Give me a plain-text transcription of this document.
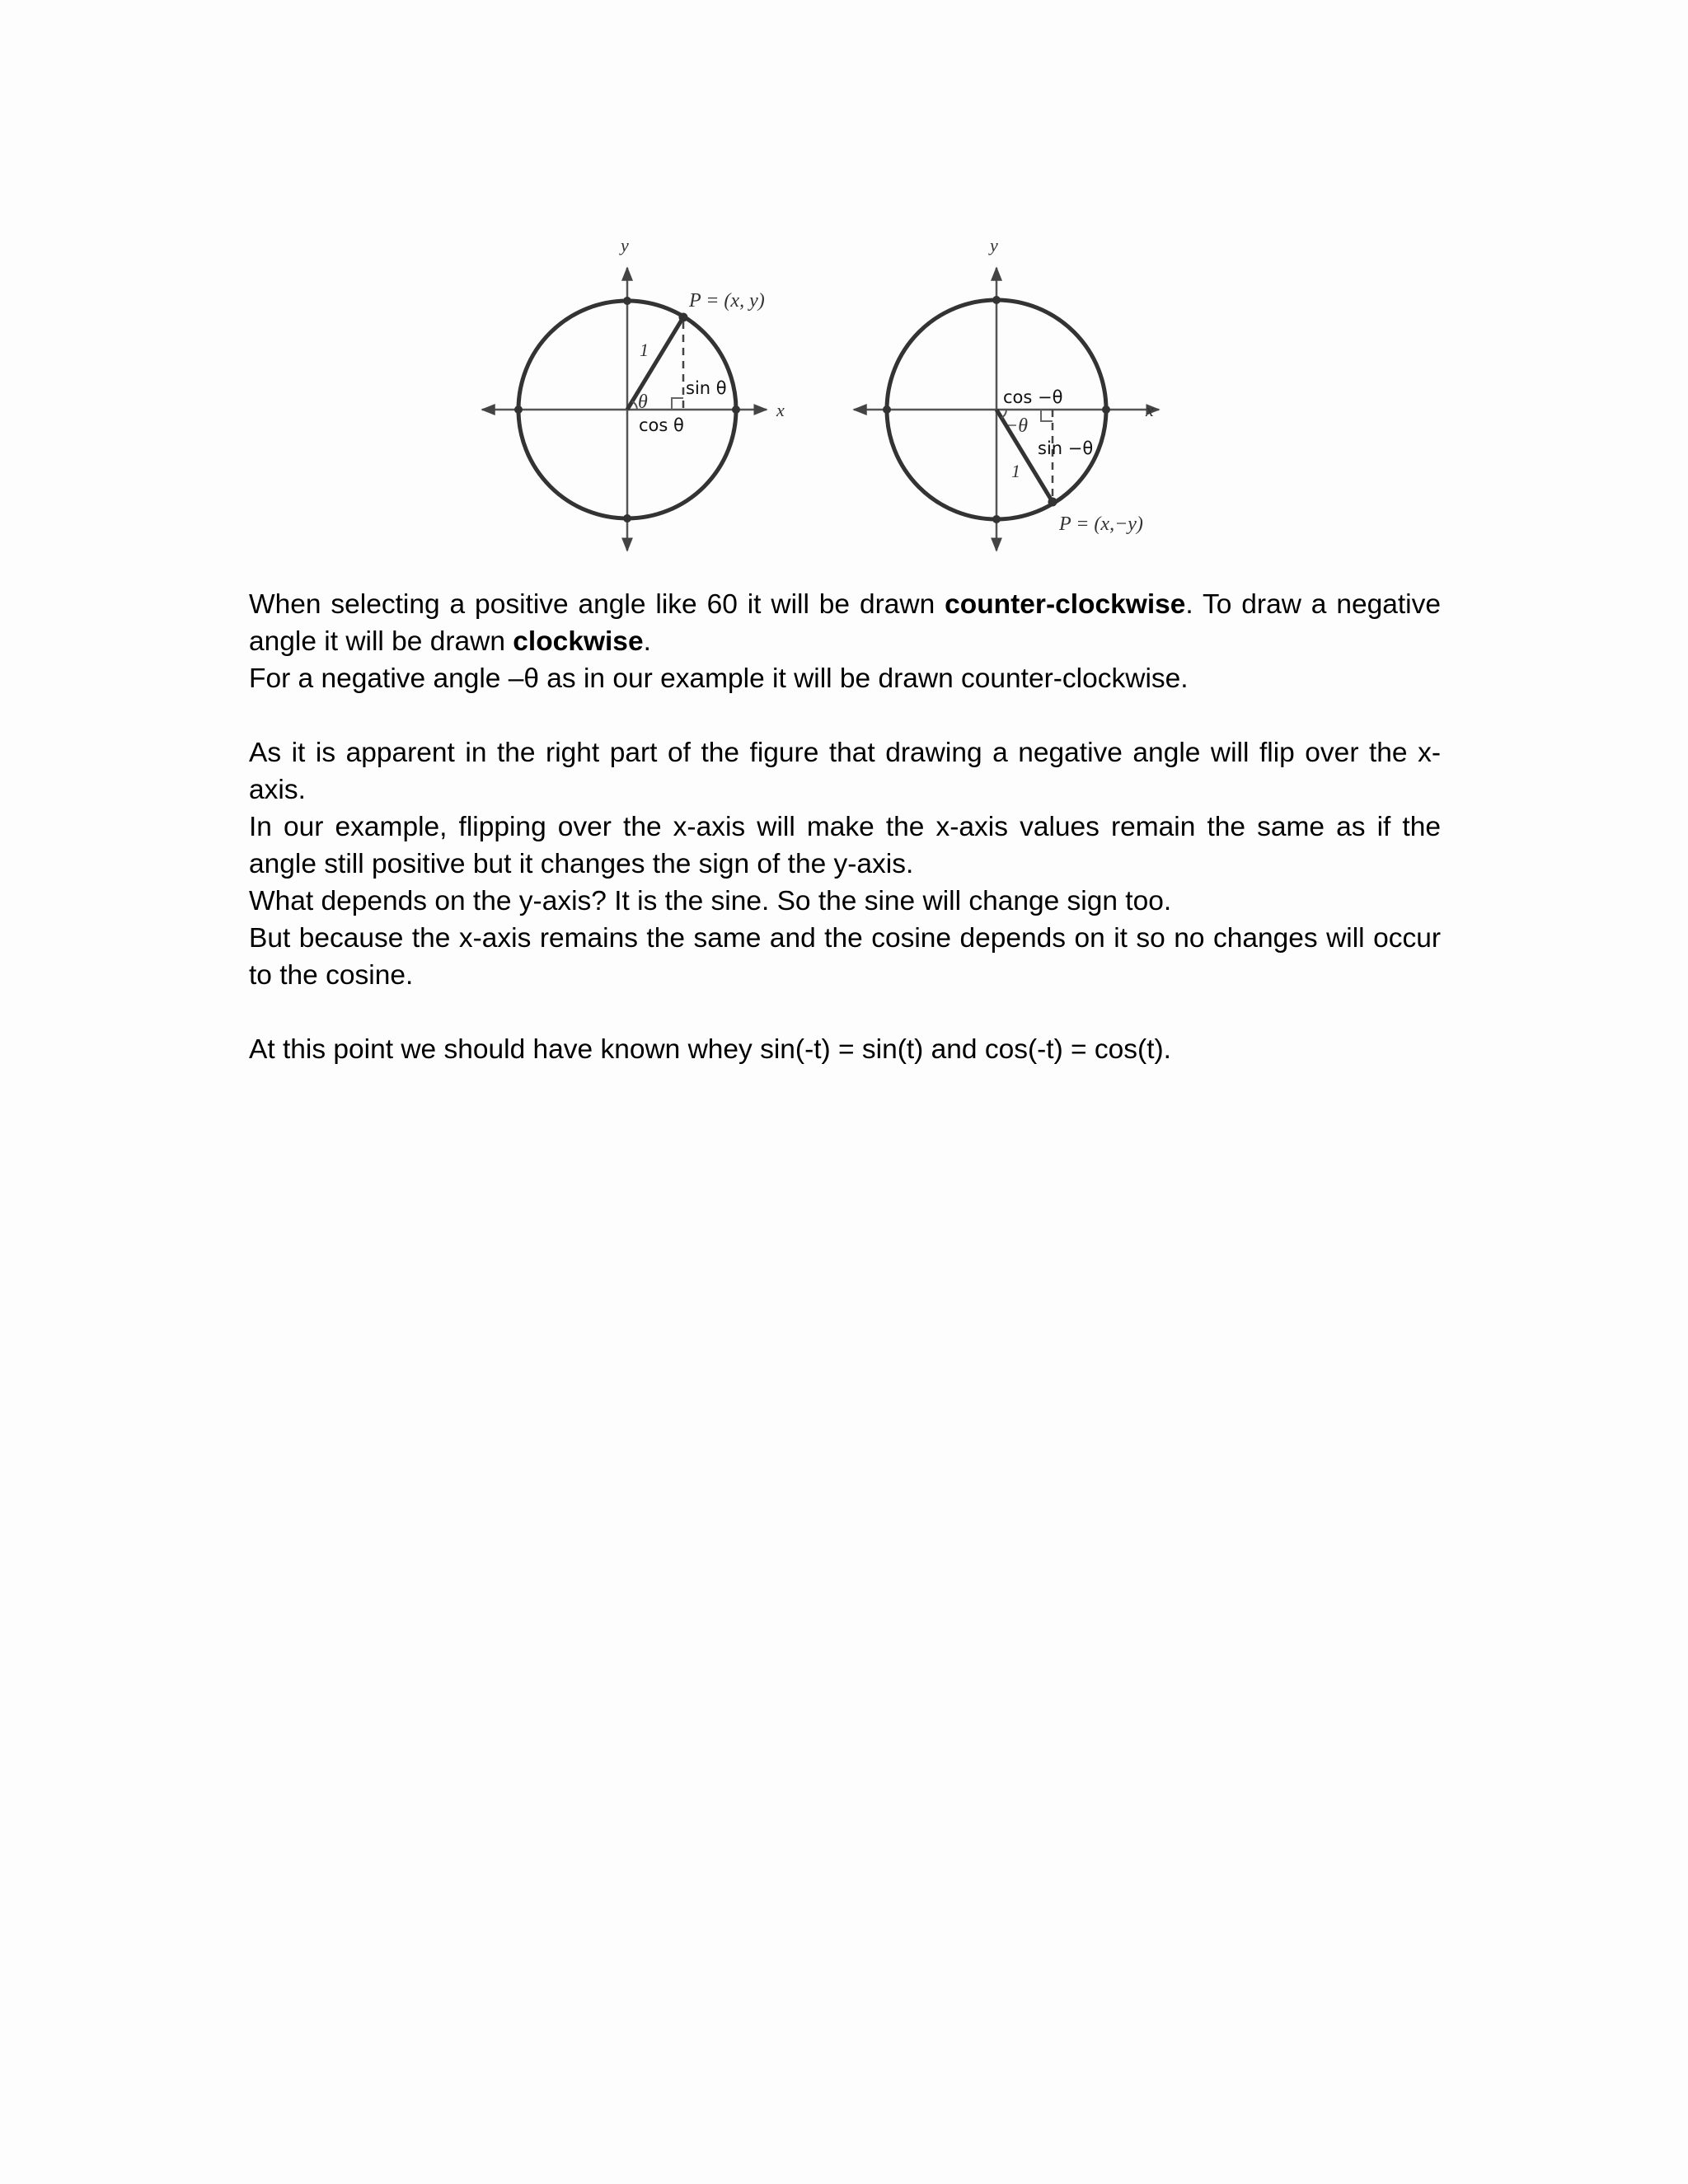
y
x
P = (x, y)
1
θ
sin θ
cos θ
y
x
cos −θ
−θ
sin −θ
1
P = (x,−y)

When selecting a positive angle like 60 it will be drawn counter-clockwise. To draw a negative angle it will be drawn clockwise.

For a negative angle –θ as in our example it will be drawn counter-clockwise.

As it is apparent in the right part of the figure that drawing a negative angle will flip over the x-axis.

In our example, flipping over the x-axis will make the x-axis values remain the same as if the angle still positive but it changes the sign of the y-axis.

What depends on the y-axis? It is the sine. So the sine will change sign too.

But because the x-axis remains the same and the cosine depends on it so no changes will occur to the cosine.

At this point we should have known whey sin(-t) = sin(t) and cos(-t) = cos(t).
